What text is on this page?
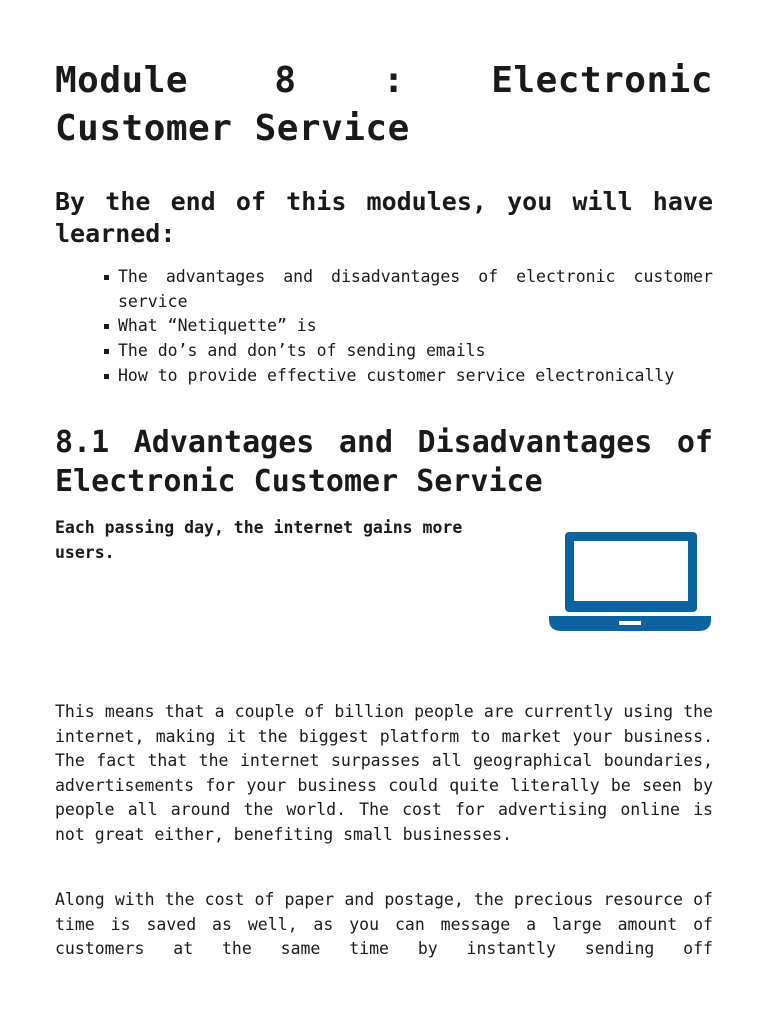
Module 8 : Electronic Customer Service
By the end of this modules, you will have learned:
The advantages and disadvantages of electronic customer service
What “Netiquette” is
The do’s and don’ts of sending emails
How to provide effective customer service electronically
8.1 Advantages and Disadvantages of Electronic Customer Service

Each passing day, the internet gains more users.

This means that a couple of billion people are currently using the internet, making it the biggest platform to market your business. The fact that the internet surpasses all geographical boundaries, advertisements for your business could quite literally be seen by people all around the world. The cost for advertising online is not great either, benefiting small businesses.

Along with the cost of paper and postage, the precious resource of time is saved as well, as you can message a large amount of customers at the same time by instantly sending off
